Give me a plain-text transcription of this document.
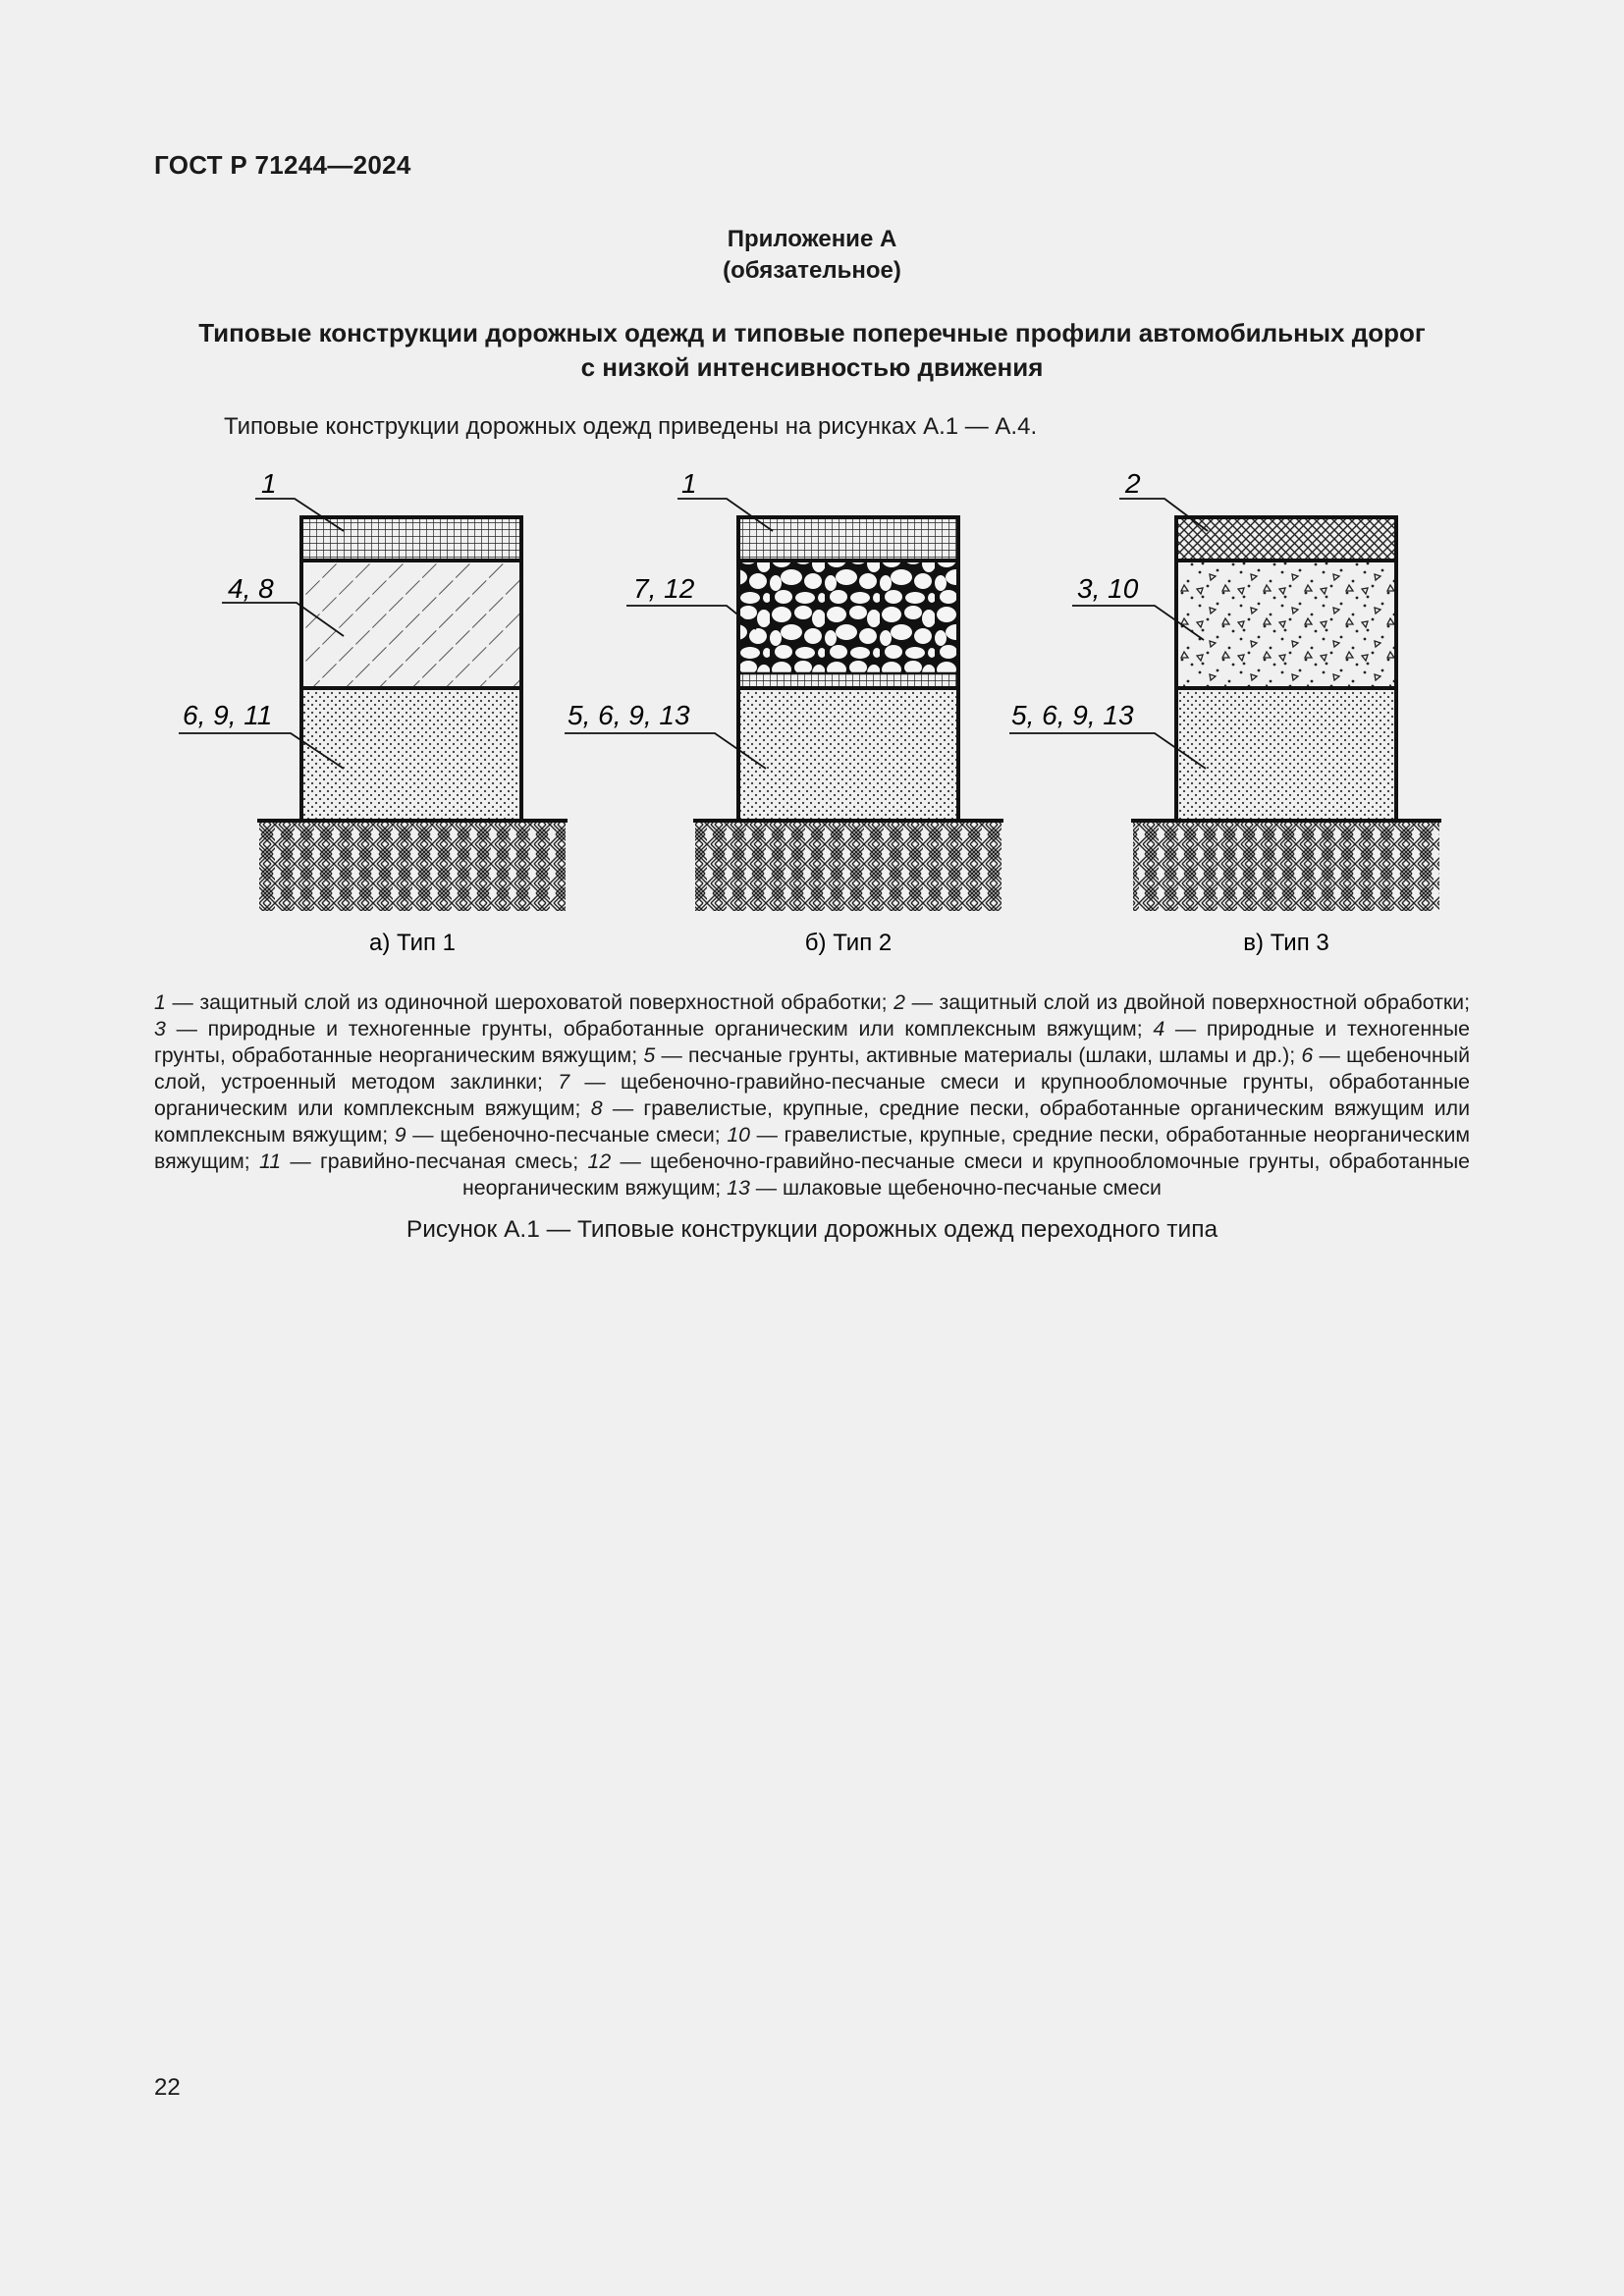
ГОСТ Р 71244—2024
Приложение А
(обязательное)
Типовые конструкции дорожных одежд и типовые поперечные профили автомобильных дорог
с низкой интенсивностью движения
Типовые конструкции дорожных одежд приведены на рисунках А.1 — А.4.
1
4, 8
6, 9, 11
а) Тип 1
1
7, 12
5, 6, 9, 13
б) Тип 2
2
3, 10
5, 6, 9, 13
в) Тип 3
1 — защитный слой из одиночной шероховатой поверхностной обработки; 2 — защитный слой из двойной поверхностной обработки; 3 — природные и техногенные грунты, обработанные органическим или комплексным вяжущим; 4 — природные и техногенные грунты, обработанные неорганическим вяжущим; 5 — песчаные грунты, активные материалы (шлаки, шламы и др.); 6 — щебеночный слой, устроенный методом заклинки; 7 — щебеночно-гравийно-песчаные смеси и крупнообломочные грунты, обработанные органическим или комплексным вяжущим; 8 — гравелистые, крупные, средние пески, обработанные органическим вяжущим или комплексным вяжущим; 9 — щебеночно-песчаные смеси; 10 — гравелистые, крупные, средние пески, обработанные неорганическим вяжущим; 11 — гравийно-песчаная смесь; 12 — щебеночно-гравийно-песчаные смеси и крупнообломочные грунты, обработанные неорганическим вяжущим; 13 — шлаковые щебеночно-песчаные смеси
Рисунок А.1 — Типовые конструкции дорожных одежд переходного типа
22
